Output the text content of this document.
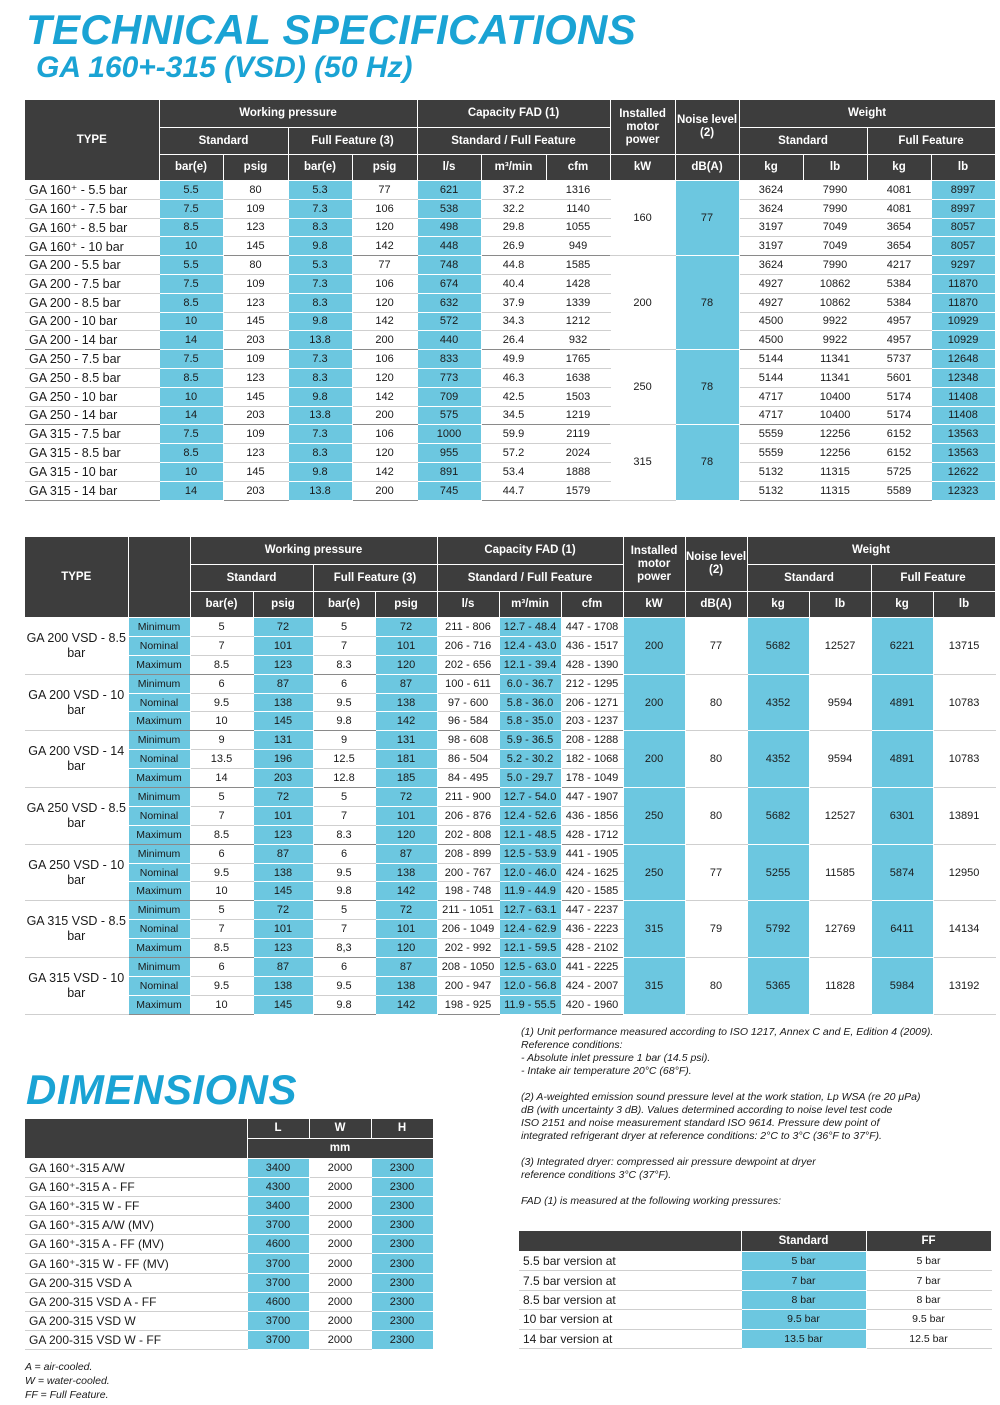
TECHNICAL SPECIFICATIONS
GA 160+-315 (VSD) (50 Hz)
TYPE	Working pressure				Capacity FAD (1)			Installed motor power	Noise level (2)	Weight			
	Standard		Full Feature (3)		Standard / Full Feature					Standard		Full Feature	
	bar(e)	psig	bar(e)	psig	l/s	m³/min	cfm	kW	dB(A)	kg	lb	kg	lb
GA 160⁺ - 5.5 bar	5.5	80	5.3	77	621	37.2	1316	160	77	3624	7990	4081	8997
GA 160⁺ - 7.5 bar	7.5	109	7.3	106	538	32.2	1140			3624	7990	4081	8997
GA 160⁺ - 8.5 bar	8.5	123	8.3	120	498	29.8	1055			3197	7049	3654	8057
GA 160⁺ - 10 bar	10	145	9.8	142	448	26.9	949			3197	7049	3654	8057
GA 200 - 5.5 bar	5.5	80	5.3	77	748	44.8	1585	200	78	3624	7990	4217	9297
GA 200 - 7.5 bar	7.5	109	7.3	106	674	40.4	1428			4927	10862	5384	11870
GA 200 - 8.5 bar	8.5	123	8.3	120	632	37.9	1339			4927	10862	5384	11870
GA 200 - 10 bar	10	145	9.8	142	572	34.3	1212			4500	9922	4957	10929
GA 200 - 14 bar	14	203	13.8	200	440	26.4	932			4500	9922	4957	10929
GA 250 - 7.5 bar	7.5	109	7.3	106	833	49.9	1765	250	78	5144	11341	5737	12648
GA 250 - 8.5 bar	8.5	123	8.3	120	773	46.3	1638			5144	11341	5601	12348
GA 250 - 10 bar	10	145	9.8	142	709	42.5	1503			4717	10400	5174	11408
GA 250 - 14 bar	14	203	13.8	200	575	34.5	1219			4717	10400	5174	11408
GA 315 - 7.5 bar	7.5	109	7.3	106	1000	59.9	2119	315	78	5559	12256	6152	13563
GA 315 - 8.5 bar	8.5	123	8.3	120	955	57.2	2024			5559	12256	6152	13563
GA 315 - 10 bar	10	145	9.8	142	891	53.4	1888			5132	11315	5725	12622
GA 315 - 14 bar	14	203	13.8	200	745	44.7	1579			5132	11315	5589	12323
TYPE		Working pressure				Capacity FAD (1)			Installed motor power	Noise level (2)	Weight			
		Standard		Full Feature (3)		Standard / Full Feature					Standard		Full Feature	
		bar(e)	psig	bar(e)	psig	l/s	m³/min	cfm	kW	dB(A)	kg	lb	kg	lb
GA 200 VSD - 8.5 bar	Minimum	5	72	5	72	211 - 806	12.7 - 48.4	447 - 1708	200	77	5682	12527	6221	13715
	Nominal	7	101	7	101	206 - 716	12.4 - 43.0	436 - 1517						
	Maximum	8.5	123	8.3	120	202 - 656	12.1 - 39.4	428 - 1390						
GA 200 VSD - 10 bar	Minimum	6	87	6	87	100 - 611	6.0 - 36.7	212 - 1295	200	80	4352	9594	4891	10783
	Nominal	9.5	138	9.5	138	97 - 600	5.8 - 36.0	206 - 1271						
	Maximum	10	145	9.8	142	96 - 584	5.8 - 35.0	203 - 1237						
GA 200 VSD - 14 bar	Minimum	9	131	9	131	98 - 608	5.9 - 36.5	208 - 1288	200	80	4352	9594	4891	10783
	Nominal	13.5	196	12.5	181	86 - 504	5.2 - 30.2	182 - 1068						
	Maximum	14	203	12.8	185	84 - 495	5.0 - 29.7	178 - 1049						
GA 250 VSD - 8.5 bar	Minimum	5	72	5	72	211 - 900	12.7 - 54.0	447 - 1907	250	80	5682	12527	6301	13891
	Nominal	7	101	7	101	206 - 876	12.4 - 52.6	436 - 1856						
	Maximum	8.5	123	8.3	120	202 - 808	12.1 - 48.5	428 - 1712						
GA 250 VSD - 10 bar	Minimum	6	87	6	87	208 - 899	12.5 - 53.9	441 - 1905	250	77	5255	11585	5874	12950
	Nominal	9.5	138	9.5	138	200 - 767	12.0 - 46.0	424 - 1625						
	Maximum	10	145	9.8	142	198 - 748	11.9 - 44.9	420 - 1585						
GA 315 VSD - 8.5 bar	Minimum	5	72	5	72	211 - 1051	12.7 - 63.1	447 - 2237	315	79	5792	12769	6411	14134
	Nominal	7	101	7	101	206 - 1049	12.4 - 62.9	436 - 2223						
	Maximum	8.5	123	8,3	120	202 - 992	12.1 - 59.5	428 - 2102						
GA 315 VSD - 10 bar	Minimum	6	87	6	87	208 - 1050	12.5 - 63.0	441 - 2225	315	80	5365	11828	5984	13192
	Nominal	9.5	138	9.5	138	200 - 947	12.0 - 56.8	424 - 2007						
	Maximum	10	145	9.8	142	198 - 925	11.9 - 55.5	420 - 1960						
DIMENSIONS
	L	W	H
	mm		
GA 160⁺-315 A/W	3400	2000	2300
GA 160⁺-315 A - FF	4300	2000	2300
GA 160⁺-315 W - FF	3400	2000	2300
GA 160⁺-315 A/W (MV)	3700	2000	2300
GA 160⁺-315 A - FF (MV)	4600	2000	2300
GA 160⁺-315 W - FF (MV)	3700	2000	2300
GA 200-315 VSD A	3700	2000	2300
GA 200-315 VSD A - FF	4600	2000	2300
GA 200-315 VSD W	3700	2000	2300
GA 200-315 VSD W - FF	3700	2000	2300
A = air-cooled.
W = water-cooled.
FF = Full Feature.

(1) Unit performance measured according to ISO 1217, Annex C and E, Edition 4 (2009).
Reference conditions:
- Absolute inlet pressure 1 bar (14.5 psi).
- Intake air temperature 20°C (68°F).

(2) A-weighted emission sound pressure level at the work station, Lp WSA (re 20 μPa)
dB (with uncertainty 3 dB). Values determined according to noise level test code
ISO 2151 and noise measurement standard ISO 9614. Pressure dew point of
integrated refrigerant dryer at reference conditions: 2°C to 3°C (36°F to 37°F).

(3) Integrated dryer: compressed air pressure dewpoint at dryer
reference conditions 3°C (37°F).

FAD (1) is measured at the following working pressures:

	Standard	FF
5.5 bar version at	5 bar	5 bar
7.5 bar version at	7 bar	7 bar
8.5 bar version at	8 bar	8 bar
10 bar version at	9.5 bar	9.5 bar
14 bar version at	13.5 bar	12.5 bar
